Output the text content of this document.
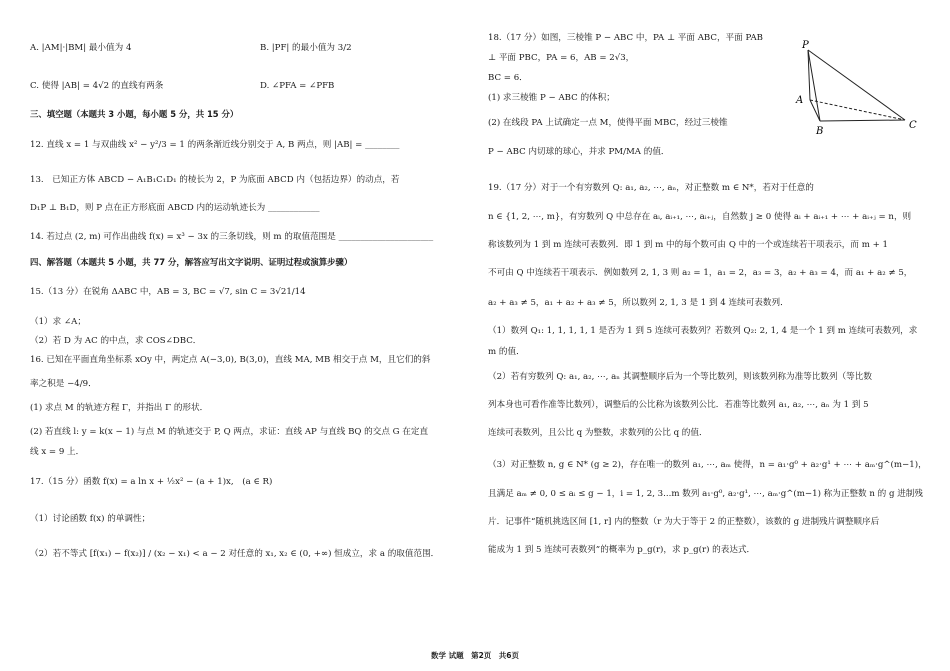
A. |AM|·|BM| 最小值为 4	B. |PF| 的最小值为 3/2
C. 使得 |AB| = 4√2 的直线有两条	D. ∠PFA = ∠PFB
三、填空题（本题共 3 小题，每小题 5 分，共 15 分）
12. 直线 x = 1 与双曲线 x² − y²/3 = 1 的两条渐近线分别交于 A, B 两点，则 |AB| = ________
13.　已知正方体 ABCD − A₁B₁C₁D₁ 的棱长为 2，P 为底面 ABCD 内（包括边界）的动点，若
D₁P ⊥ B₁D，则 P 点在正方形底面 ABCD 内的运动轨迹长为 ____________
14. 若过点 (2, m) 可作出曲线 f(x) = x³ − 3x 的三条切线，则 m 的取值范围是 ______________________
四、解答题（本题共 5 小题，共 77 分，解答应写出文字说明、证明过程或演算步骤）
15.（13 分）在锐角 ΔABC 中，AB = 3, BC = √7, sin C = 3√21/14
（1）求 ∠A；
（2）若 D 为 AC 的中点，求 COS∠DBC．
16. 已知在平面直角坐标系 xOy 中，两定点 A(−3,0), B(3,0)，直线 MA, MB 相交于点 M，且它们的斜
率之积是 −4/9．
(1) 求点 M 的轨迹方程 Γ，并指出 Γ 的形状．
(2) 若直线 l: y = k(x − 1) 与点 M 的轨迹交于 P, Q 两点，求证：直线 AP 与直线 BQ 的交点 G 在定直
线 x = 9 上．
17.（15 分）函数 f(x) = a ln x + ½x² − (a + 1)x,　(a ∈ R)
（1）讨论函数 f(x) 的单调性；
（2）若不等式 [f(x₁) − f(x₂)] / (x₂ − x₁) < a − 2 对任意的 x₁, x₂ ∈ (0, +∞) 恒成立，求 a 的取值范围．
18.（17 分）如图，三棱锥 P − ABC 中，PA ⊥ 平面 ABC，平面 PAB
⊥ 平面 PBC，PA = 6，AB = 2√3，
BC = 6．
(1) 求三棱锥 P − ABC 的体积；
(2) 在线段 PA 上试确定一点 M，使得平面 MBC，经过三棱锥
P − ABC 内切球的球心，并求 PM/MA 的值．
19.（17 分）对于一个有穷数列 Q: a₁, a₂, ⋯, aₙ，对正整数 m ∈ N*，若对于任意的
n ∈ {1, 2, ⋯, m}，有穷数列 Q 中总存在 aᵢ, aᵢ₊₁, ⋯, aᵢ₊ⱼ，自然数 j ≥ 0 使得 aᵢ + aᵢ₊₁ + ⋯ + aᵢ₊ⱼ = n，则
称该数列为 1 到 m 连续可表数列．即 1 到 m 中的每个数可由 Q 中的一个或连续若干项表示，而 m + 1
不可由 Q 中连续若干项表示．例如数列 2, 1, 3 则 a₂ = 1，a₁ = 2，a₃ = 3，a₂ + a₃ = 4，而 a₁ + a₂ ≠ 5，
a₂ + a₃ ≠ 5，a₁ + a₂ + a₃ ≠ 5，所以数列 2, 1, 3 是 1 到 4 连续可表数列．
（1）数列 Q₁: 1, 1, 1, 1, 1 是否为 1 到 5 连续可表数列？若数列 Q₂: 2, 1, 4 是一个 1 到 m 连续可表数列，求
m 的值．
（2）若有穷数列 Q: a₁, a₂, ⋯, aₙ 其调整顺序后为一个等比数列，则该数列称为准等比数列（等比数
列本身也可看作准等比数列），调整后的公比称为该数列公比．若准等比数列 a₁, a₂, ⋯, aₙ 为 1 到 5
连续可表数列，且公比 q 为整数，求数列的公比 q 的值．
（3）对正整数 n, g ∈ N* (g ≥ 2)，存在唯一的数列 a₁, ⋯, aₘ 使得，n = a₁·g⁰ + a₂·g¹ + ⋯ + aₘ·g^(m−1)，
且满足 aₘ ≠ 0, 0 ≤ aᵢ ≤ g − 1，i = 1, 2, 3...m 数列 a₁·g⁰, a₂·g¹, ⋯, aₘ·g^(m−1) 称为正整数 n 的 g 进制残
片．记事件“随机挑选区间 [1, r] 内的整数（r 为大于等于 2 的正整数），该数的 g 进制残片调整顺序后
能成为 1 到 5 连续可表数列”的概率为 p_g(r)，求 p_g(r) 的表达式．
P
A
B
C
数学 试题　第2页　共6页
